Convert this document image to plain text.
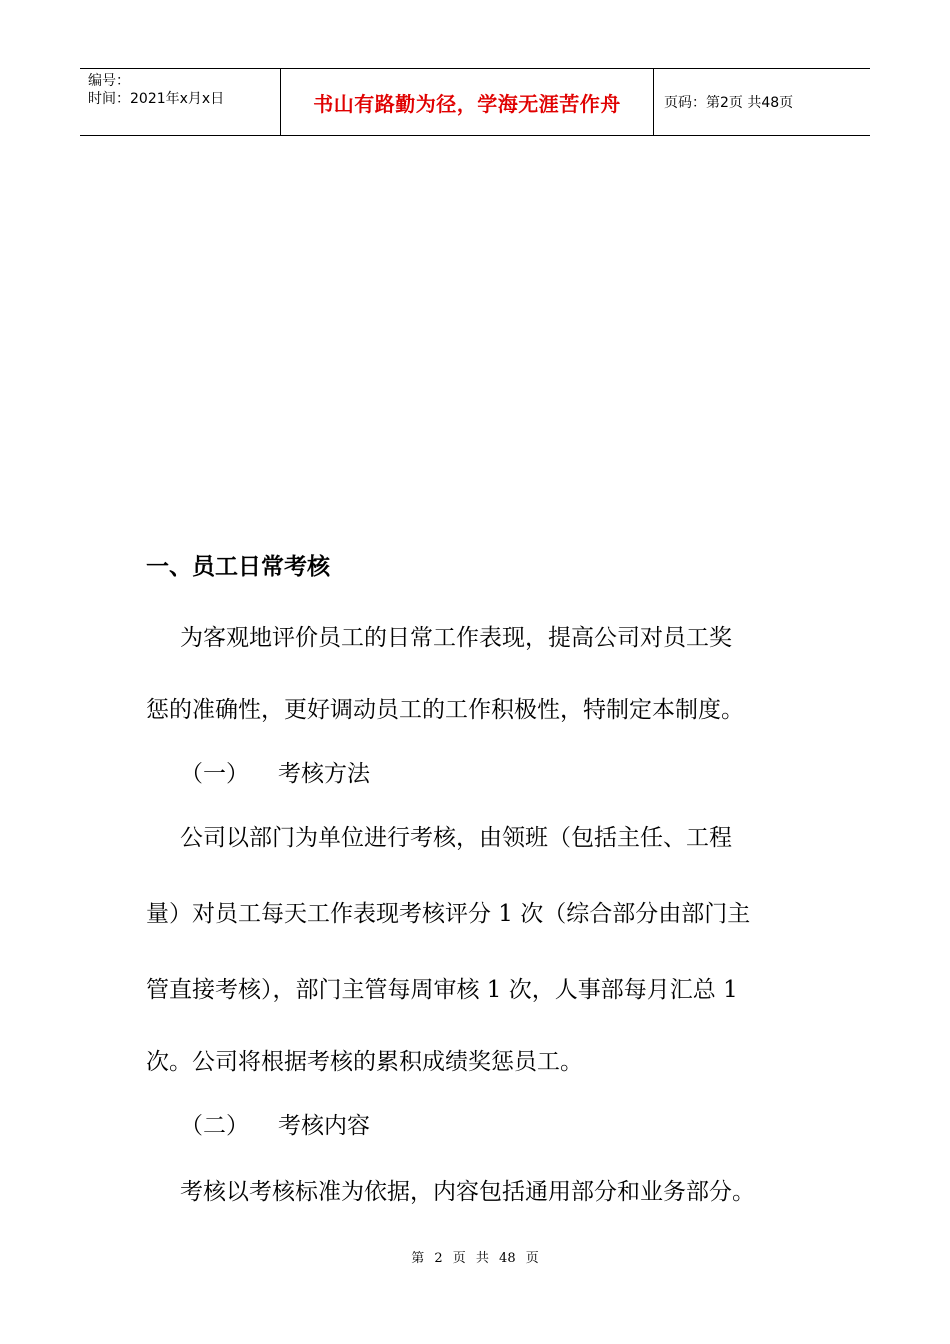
编号：
时间：2021年x月x日	书山有路勤为径，学海无涯苦作舟	页码：第2页 共48页
一、员工日常考核
为客观地评价员工的日常工作表现，提高公司对员工奖
惩的准确性，更好调动员工的工作积极性，特制定本制度。
（一） 考核方法
公司以部门为单位进行考核，由领班（包括主任、工程
量）对员工每天工作表现考核评分 1 次（综合部分由部门主
管直接考核），部门主管每周审核 1 次，人事部每月汇总 1
次。公司将根据考核的累积成绩奖惩员工。
（二） 考核内容
考核以考核标准为依据，内容包括通用部分和业务部分。
第 2 页 共 48 页
